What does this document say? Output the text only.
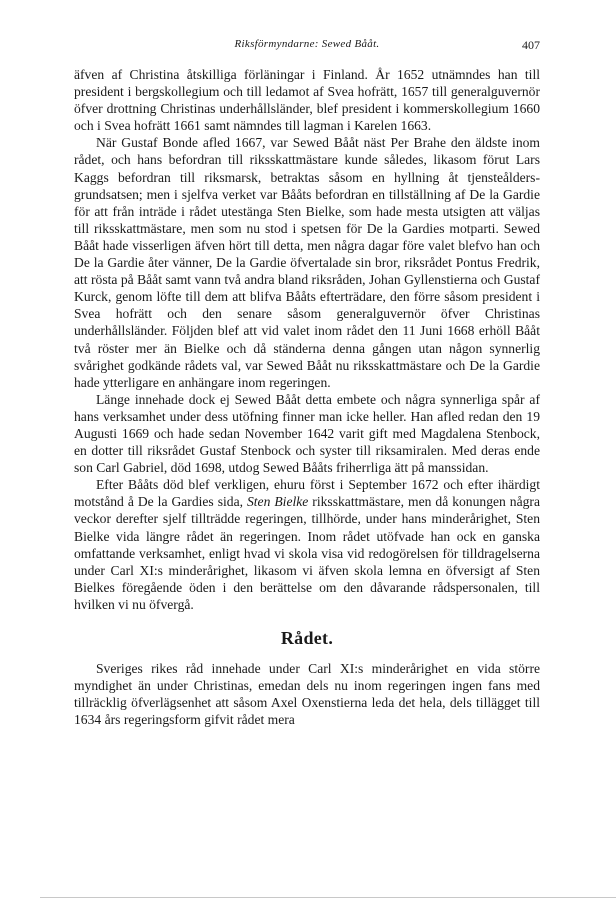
Riksförmyndarne: Sewed Bååt.	407

äfven af Christina åtskilliga förläningar i Finland. År 1652 utnämndes han till president i bergskollegium och till ledamot af Svea hofrätt, 1657 till generalguvernör öfver drottning Christinas underhållsländer, blef president i kommerskollegium 1660 och i Svea hofrätt 1661 samt nämndes till lagman i Karelen 1663.

När Gustaf Bonde afled 1667, var Sewed Bååt näst Per Brahe den äldste inom rådet, och hans befordran till riksskattmästare kunde således, likasom förut Lars Kaggs befordran till riksmarsk, betraktas såsom en hyllning åt tjensteålders-grundsatsen; men i sjelfva verket var Bååts befordran en tillställning af De la Gardie för att från inträde i rådet utestänga Sten Bielke, som hade mesta utsigten att väljas till riksskattmästare, men som nu stod i spetsen för De la Gardies motparti. Sewed Bååt hade visserligen äfven hört till detta, men några dagar före valet blefvo han och De la Gardie åter vänner, De la Gardie öfvertalade sin bror, riksrådet Pontus Fredrik, att rösta på Bååt samt vann två andra bland riksråden, Johan Gyllenstierna och Gustaf Kurck, genom löfte till dem att blifva Bååts efterträdare, den förre såsom president i Svea hofrätt och den senare såsom generalguvernör öfver Christinas underhållsländer. Följden blef att vid valet inom rådet den 11 Juni 1668 erhöll Bååt två röster mer än Bielke och då ständerna denna gången utan någon synnerlig svårighet godkände rådets val, var Sewed Bååt nu riksskattmästare och De la Gardie hade ytterligare en anhängare inom regeringen.

Länge innehade dock ej Sewed Bååt detta embete och några synnerliga spår af hans verksamhet under dess utöfning finner man icke heller. Han afled redan den 19 Augusti 1669 och hade sedan November 1642 varit gift med Magdalena Stenbock, en dotter till riksrådet Gustaf Stenbock och syster till riksamiralen. Med deras ende son Carl Gabriel, död 1698, utdog Sewed Bååts friherrliga ätt på manssidan.

Efter Bååts död blef verkligen, ehuru först i September 1672 och efter ihärdigt motstånd å De la Gardies sida, Sten Bielke riksskattmästare, men då konungen några veckor derefter sjelf tillträdde regeringen, tillhörde, under hans minderårighet, Sten Bielke vida längre rådet än regeringen. Inom rådet utöfvade han ock en ganska omfattande verksamhet, enligt hvad vi skola visa vid redogörelsen för tilldragelserna under Carl XI:s minderårighet, likasom vi äfven skola lemna en öfversigt af Sten Bielkes föregående öden i den berättelse om den dåvarande rådspersonalen, till hvilken vi nu öfvergå.

Rådet.

Sveriges rikes råd innehade under Carl XI:s minderårighet en vida större myndighet än under Christinas, emedan dels nu inom regeringen ingen fans med tillräcklig öfverlägsenhet att såsom Axel Oxenstierna leda det hela, dels tillägget till 1634 års regeringsform gifvit rådet mera
